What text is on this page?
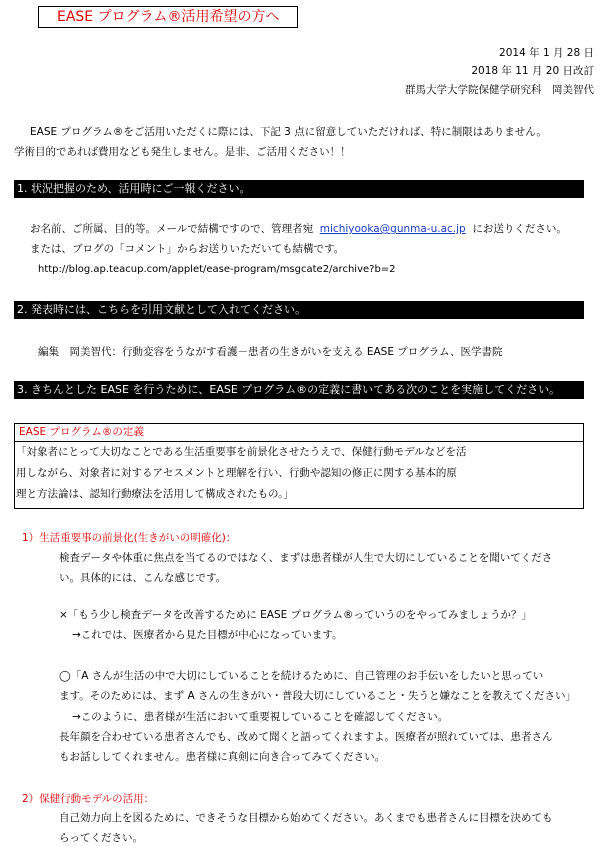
EASE プログラム®活用希望の方へ
2014 年 1 月 28 日
2018 年 11 月 20 日改訂
群馬大学大学院保健学研究科　岡美智代
EASE プログラム®をご活用いただくに際には、下記 3 点に留意していただければ、特に制限はありません。
学術目的であれば費用なども発生しません。是非、ご活用ください！！
1. 状況把握のため、活用時にご一報ください。
お名前、ご所属、目的等。メールで結構ですので、管理者宛 michiyooka@gunma-u.ac.jp にお送りください。
または、ブログの「コメント」からお送りいただいても結構です。
http://blog.ap.teacup.com/applet/ease-program/msgcate2/archive?b=2
2. 発表時には、こちらを引用文献として入れてください。
編集　岡美智代：行動変容をうながす看護－患者の生きがいを支える EASE プログラム、医学書院
3. きちんとした EASE を行うために、EASE プログラム®の定義に書いてある次のことを実施してください。
EASE プログラム®の定義
「対象者にとって大切なことである生活重要事を前景化させたうえで、保健行動モデルなどを活
用しながら、対象者に対するアセスメントと理解を行い、行動や認知の修正に関する基本的原
理と方法論は、認知行動療法を活用して構成されたもの。」
1）生活重要事の前景化(生きがいの明確化)：
検査データや体重に焦点を当てるのではなく、まずは患者様が人生で大切にしていることを聞いてくださ
い。具体的には、こんな感じです。
×「もう少し検査データを改善するために EASE プログラム®っていうのをやってみましょうか？」
→これでは、医療者から見た目標が中心になっています。
◯「A さんが生活の中で大切にしていることを続けるために、自己管理のお手伝いをしたいと思ってい
ます。そのためには、まず A さんの生きがい・普段大切にしていること・失うと嫌なことを教えてください」
→このように、患者様が生活において重要視していることを確認してください。
長年顔を合わせている患者さんでも、改めて聞くと語ってくれますよ。医療者が照れていては、患者さん
もお話ししてくれません。患者様に真剣に向き合ってみてください。
2）保健行動モデルの活用：
自己効力向上を図るために、できそうな目標から始めてください。あくまでも患者さんに目標を決めても
らってください。
